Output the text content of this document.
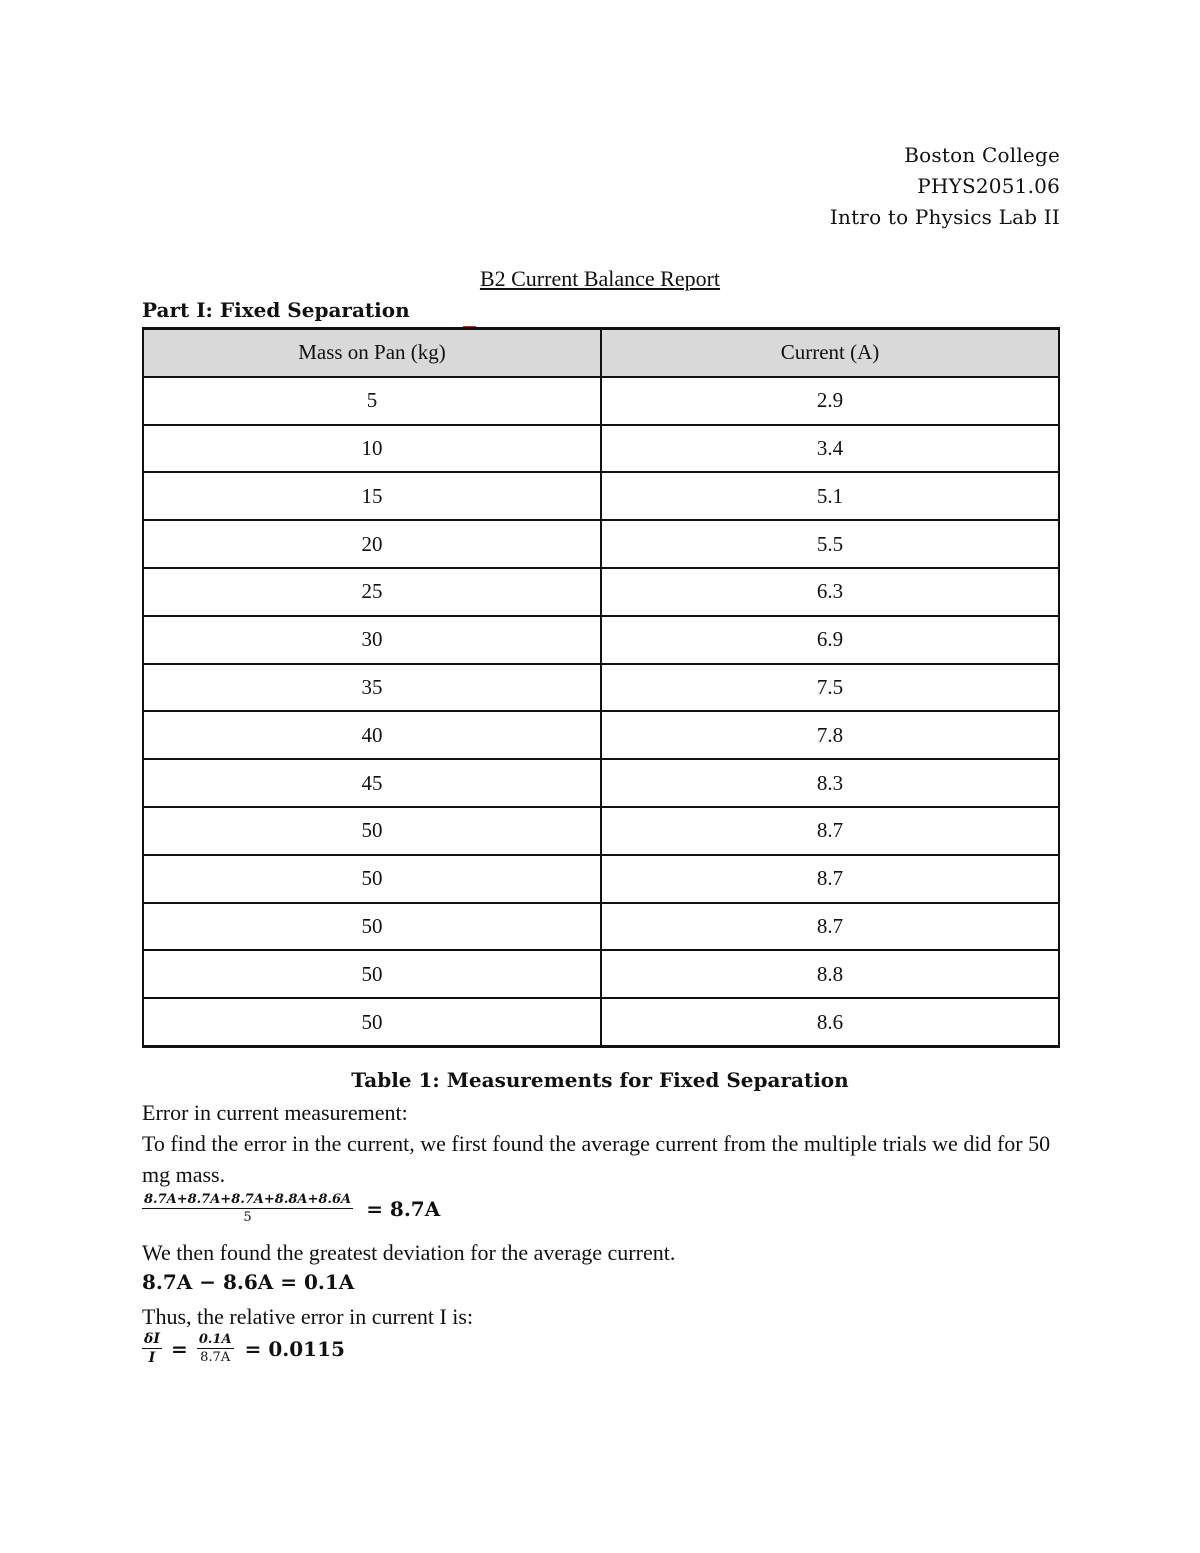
Boston College
PHYS2051.06
Intro to Physics Lab II
B2 Current Balance Report
Part I: Fixed Separation
Mass on Pan (kg)	Current (A)
5	2.9
10	3.4
15	5.1
20	5.5
25	6.3
30	6.9
35	7.5
40	7.8
45	8.3
50	8.7
50	8.7
50	8.7
50	8.8
50	8.6
Table 1: Measurements for Fixed Separation
Error in current measurement:
To find the error in the current, we first found the average current from the multiple trials we did for 50 mg mass.
$\frac{8.7A+8.7A+8.7A+8.8A+8.6A}{5} = 8.7A$
We then found the greatest deviation for the average current.
8.7A − 8.6A = 0.1A
Thus, the relative error in current I is:
$\frac{\delta I}{I} = \frac{0.1A}{8.7A} = 0.0115$
